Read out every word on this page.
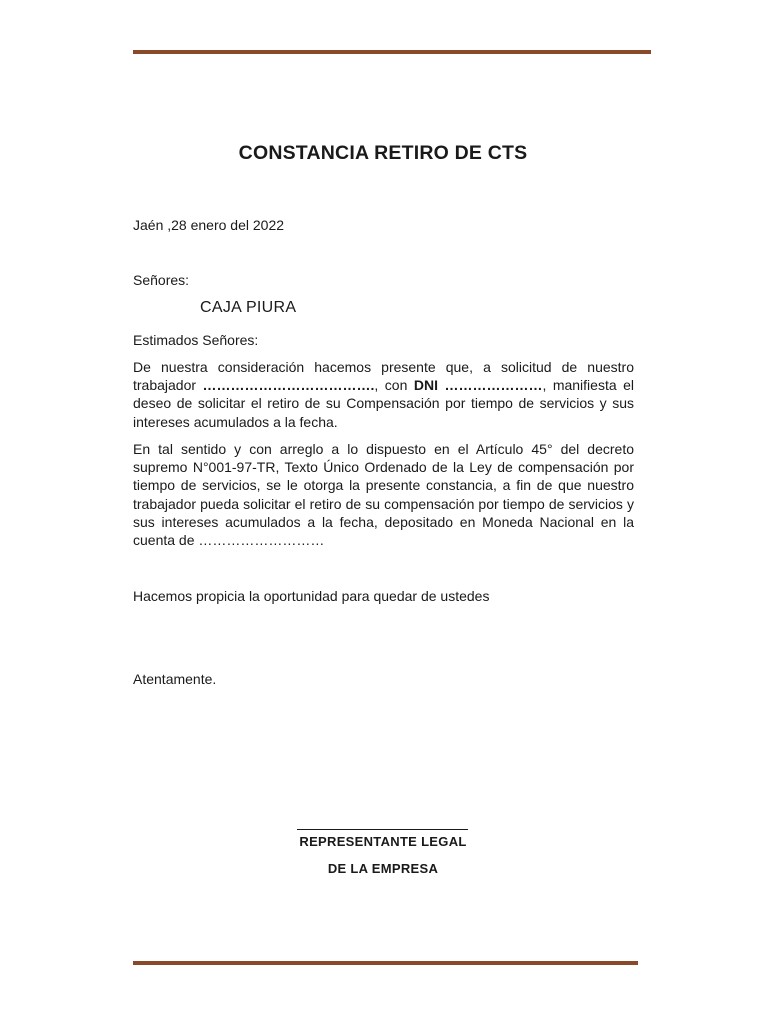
CONSTANCIA RETIRO DE CTS
Jaén ,28 enero del 2022
Señores:
CAJA PIURA
Estimados Señores:
De nuestra consideración hacemos presente que, a solicitud de nuestro trabajador ………………………………., con DNI …………………, manifiesta el deseo de solicitar el retiro de su Compensación por tiempo de servicios y sus intereses acumulados a la fecha.
En tal sentido y con arreglo a lo dispuesto en el Artículo 45° del decreto supremo N°001-97-TR, Texto Único Ordenado de la Ley de compensación por tiempo de servicios, se le otorga la presente constancia, a fin de que nuestro trabajador pueda solicitar el retiro de su compensación por tiempo de servicios y sus intereses acumulados a la fecha, depositado en Moneda Nacional en la cuenta de ………………………
Hacemos propicia la oportunidad para quedar de ustedes
Atentamente.
REPRESENTANTE LEGAL
DE LA EMPRESA
